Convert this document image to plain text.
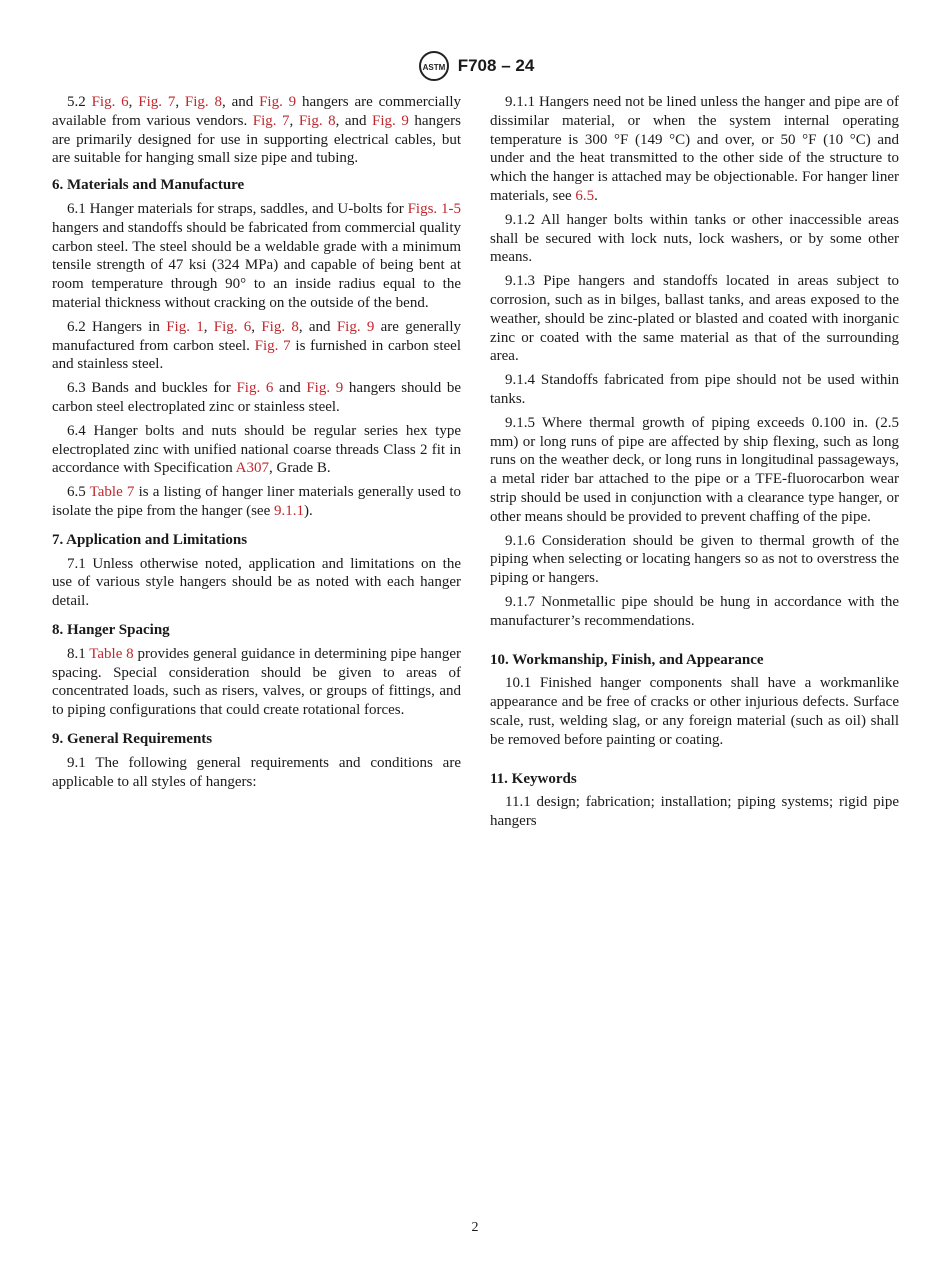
ASTM F708 – 24

5.2 Fig. 6, Fig. 7, Fig. 8, and Fig. 9 hangers are commercially available from various vendors. Fig. 7, Fig. 8, and Fig. 9 hangers are primarily designed for use in supporting electrical cables, but are suitable for hanging small size pipe and tubing.

6. Materials and Manufacture

6.1 Hanger materials for straps, saddles, and U-bolts for Figs. 1-5 hangers and standoffs should be fabricated from commercial quality carbon steel. The steel should be a weldable grade with a minimum tensile strength of 47 ksi (324 MPa) and capable of being bent at room temperature through 90° to an inside radius equal to the material thickness without cracking on the outside of the bend.

6.2 Hangers in Fig. 1, Fig. 6, Fig. 8, and Fig. 9 are generally manufactured from carbon steel. Fig. 7 is furnished in carbon steel and stainless steel.

6.3 Bands and buckles for Fig. 6 and Fig. 9 hangers should be carbon steel electroplated zinc or stainless steel.

6.4 Hanger bolts and nuts should be regular series hex type electroplated zinc with unified national coarse threads Class 2 fit in accordance with Specification A307, Grade B.

6.5 Table 7 is a listing of hanger liner materials generally used to isolate the pipe from the hanger (see 9.1.1).

7. Application and Limitations

7.1 Unless otherwise noted, application and limitations on the use of various style hangers should be as noted with each hanger detail.

8. Hanger Spacing

8.1 Table 8 provides general guidance in determining pipe hanger spacing. Special consideration should be given to areas of concentrated loads, such as risers, valves, or groups of fittings, and to piping configurations that could create rotational forces.

9. General Requirements

9.1 The following general requirements and conditions are applicable to all styles of hangers:

9.1.1 Hangers need not be lined unless the hanger and pipe are of dissimilar material, or when the system internal operating temperature is 300 °F (149 °C) and over, or 50 °F (10 °C) and under and the heat transmitted to the other side of the structure to which the hanger is attached may be objectionable. For hanger liner materials, see 6.5.

9.1.2 All hanger bolts within tanks or other inaccessible areas shall be secured with lock nuts, lock washers, or by some other means.

9.1.3 Pipe hangers and standoffs located in areas subject to corrosion, such as in bilges, ballast tanks, and areas exposed to the weather, should be zinc-plated or blasted and coated with inorganic zinc or coated with the same material as that of the surrounding area.

9.1.4 Standoffs fabricated from pipe should not be used within tanks.

9.1.5 Where thermal growth of piping exceeds 0.100 in. (2.5 mm) or long runs of pipe are affected by ship flexing, such as long runs on the weather deck, or long runs in longitudinal passageways, a metal rider bar attached to the pipe or a TFE-fluorocarbon wear strip should be used in conjunction with a clearance type hanger, or other means should be provided to prevent chaffing of the pipe.

9.1.6 Consideration should be given to thermal growth of the piping when selecting or locating hangers so as not to overstress the piping or hangers.

9.1.7 Nonmetallic pipe should be hung in accordance with the manufacturer’s recommendations.

10. Workmanship, Finish, and Appearance

10.1 Finished hanger components shall have a workmanlike appearance and be free of cracks or other injurious defects. Surface scale, rust, welding slag, or any foreign material (such as oil) shall be removed before painting or coating.

11. Keywords

11.1 design; fabrication; installation; piping systems; rigid pipe hangers

2
